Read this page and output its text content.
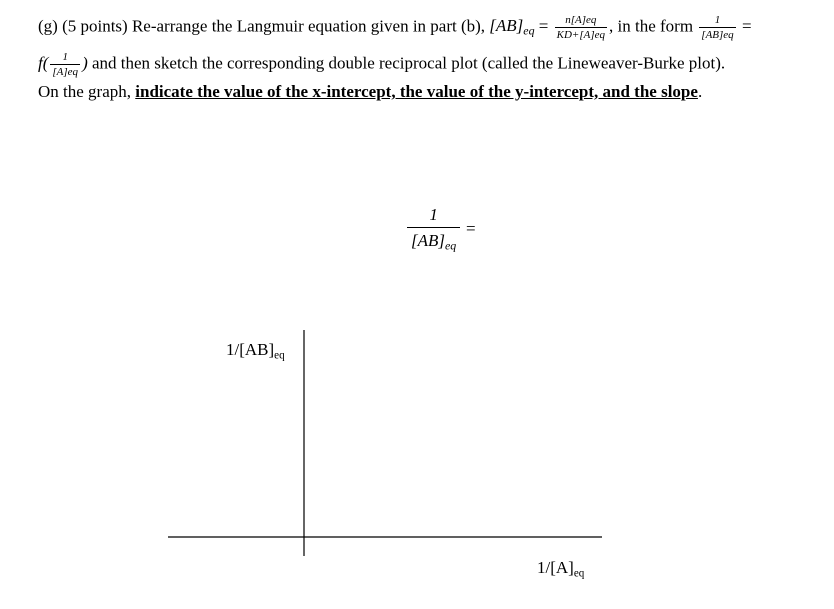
(g) (5 points) Re-arrange the Langmuir equation given in part (b), $[AB]_{eq} = \frac{n[A]eq}{KD+[A]eq}$ , in the form $\frac{1}{[AB]eq}$ =
$f( \frac{1}{[A]eq}$ ) and then sketch the corresponding double reciprocal plot (called the Lineweaver-Burke plot).
On the graph, indicate the value of the x-intercept, the value of the y-intercept, and the slope.
$\frac{1}{[AB]_{eq}}$ =
$1/[AB]_{eq}$
$1/[A]_{eq}$
